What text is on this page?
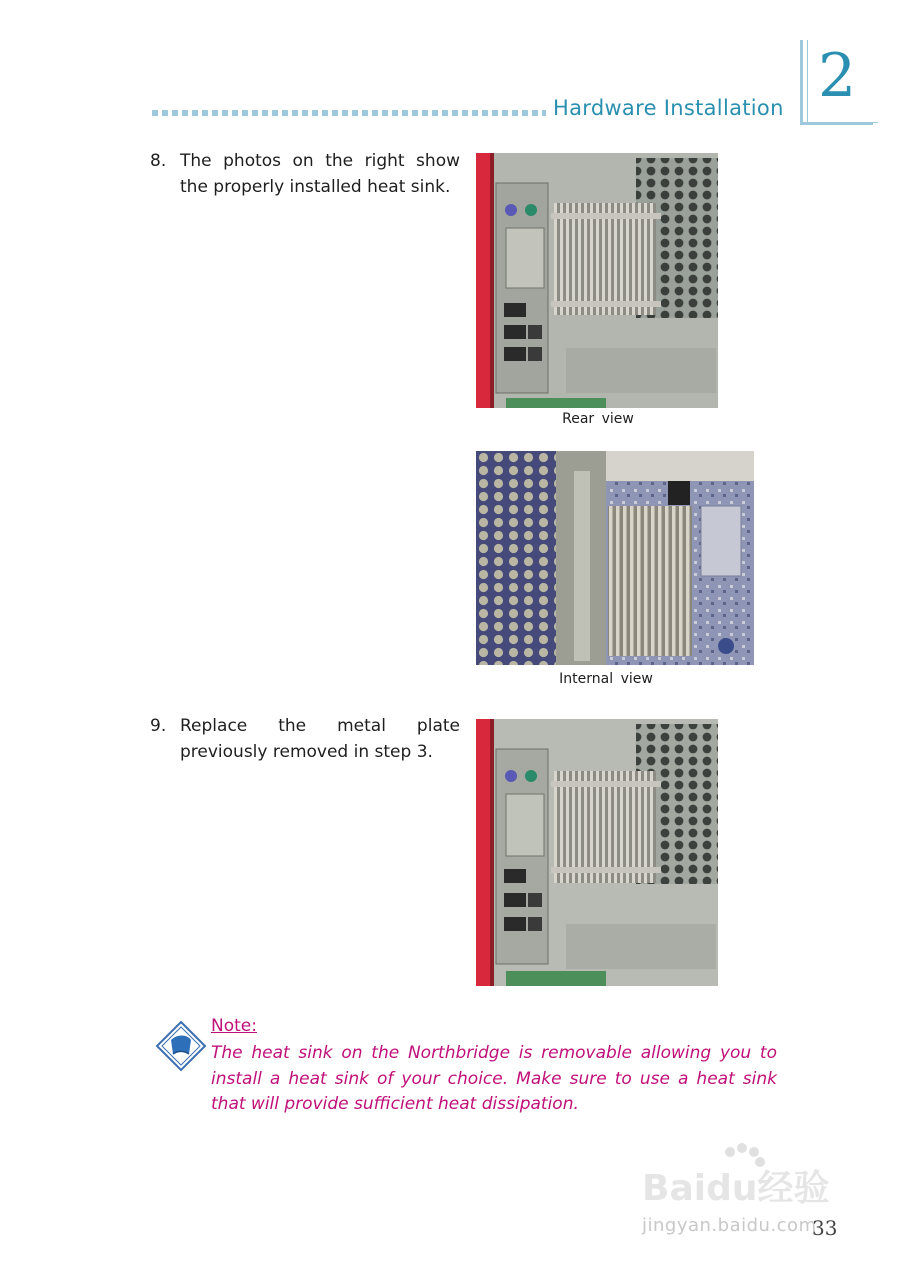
Hardware Installation 2
8. The photos on the right show the properly installed heat sink.
Rear view
Internal view
9. Replace the metal plate previously removed in step 3.
Note:
The heat sink on the Northbridge is removable allowing you to install a heat sink of your choice. Make sure to use a heat sink that will provide sufficient heat dissipation.
Baidu经验
jingyan.baidu.com
33
